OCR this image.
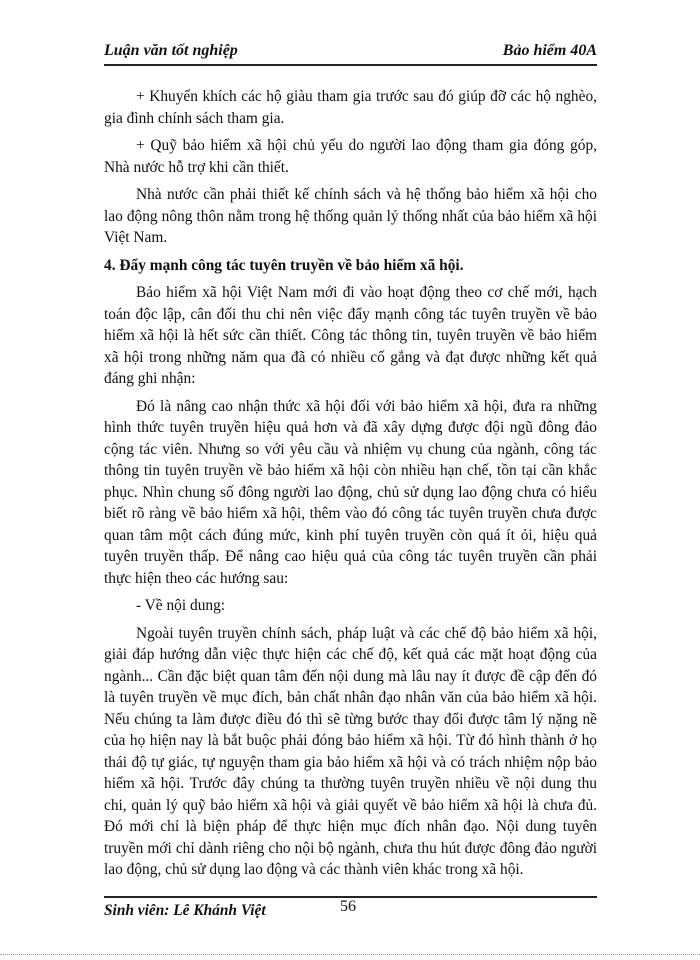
Luận văn tốt nghiệp	Bảo hiểm 40A

+ Khuyến khích các hộ giàu tham gia trước sau đó giúp đỡ các hộ nghèo, gia đình chính sách tham gia.

+ Quỹ bảo hiểm xã hội chủ yếu do người lao động tham gia đóng góp, Nhà nước hỗ trợ khi cần thiết.

Nhà nước cần phải thiết kế chính sách và hệ thống bảo hiểm xã hội cho lao động nông thôn nằm trong hệ thống quản lý thống nhất của bảo hiểm xã hội Việt Nam.

4. Đẩy mạnh công tác tuyên truyền về bảo hiểm xã hội.

Bảo hiểm xã hội Việt Nam mới đi vào hoạt động theo cơ chế mới, hạch toán độc lập, cân đối thu chi nên việc đẩy mạnh công tác tuyên truyền về bảo hiểm xã hội là hết sức cần thiết. Công tác thông tin, tuyên truyền về bảo hiểm xã hội trong những năm qua đã có nhiều cố gắng và đạt được những kết quả đáng ghi nhận:

Đó là nâng cao nhận thức xã hội đối với bảo hiểm xã hội, đưa ra những hình thức tuyên truyền hiệu quả hơn và đã xây dựng được đội ngũ đông đảo cộng tác viên. Nhưng so với yêu cầu và nhiệm vụ chung của ngành, công tác thông tin tuyên truyền về bảo hiểm xã hội còn nhiều hạn chế, tồn tại cần khắc phục. Nhìn chung số đông người lao động, chủ sử dụng lao động chưa có hiểu biết rõ ràng về bảo hiểm xã hội, thêm vào đó công tác tuyên truyền chưa được quan tâm một cách đúng mức, kinh phí tuyên truyền còn quá ít ỏi, hiệu quả tuyên truyền thấp. Để nâng cao hiệu quả của công tác tuyên truyền cần phải thực hiện theo các hướng sau:

- Về nội dung:

Ngoài tuyên truyền chính sách, pháp luật và các chế độ bảo hiểm xã hội, giải đáp hướng dẫn việc thực hiện các chế độ, kết quả các mặt hoạt động của ngành... Cần đặc biệt quan tâm đến nội dung mà lâu nay ít được đề cập đến đó là tuyên truyền về mục đích, bản chất nhân đạo nhân văn của bảo hiểm xã hội. Nếu chúng ta làm được điều đó thì sẽ từng bước thay đổi được tâm lý nặng nề của họ hiện nay là bắt buộc phải đóng bảo hiểm xã hội. Từ đó hình thành ở họ thái độ tự giác, tự nguyện tham gia bảo hiểm xã hội và có trách nhiệm nộp bảo hiểm xã hội. Trước đây chúng ta thường tuyên truyền nhiều về nội dung thu chi, quản lý quỹ bảo hiểm xã hội và giải quyết về bảo hiểm xã hội là chưa đủ. Đó mới chỉ là biện pháp để thực hiện mục đích nhân đạo. Nội dung tuyên truyền mới chỉ dành riêng cho nội bộ ngành, chưa thu hút được đông đảo người lao động, chủ sử dụng lao động và các thành viên khác trong xã hội.

Sinh viên: Lê Khánh Việt	56
